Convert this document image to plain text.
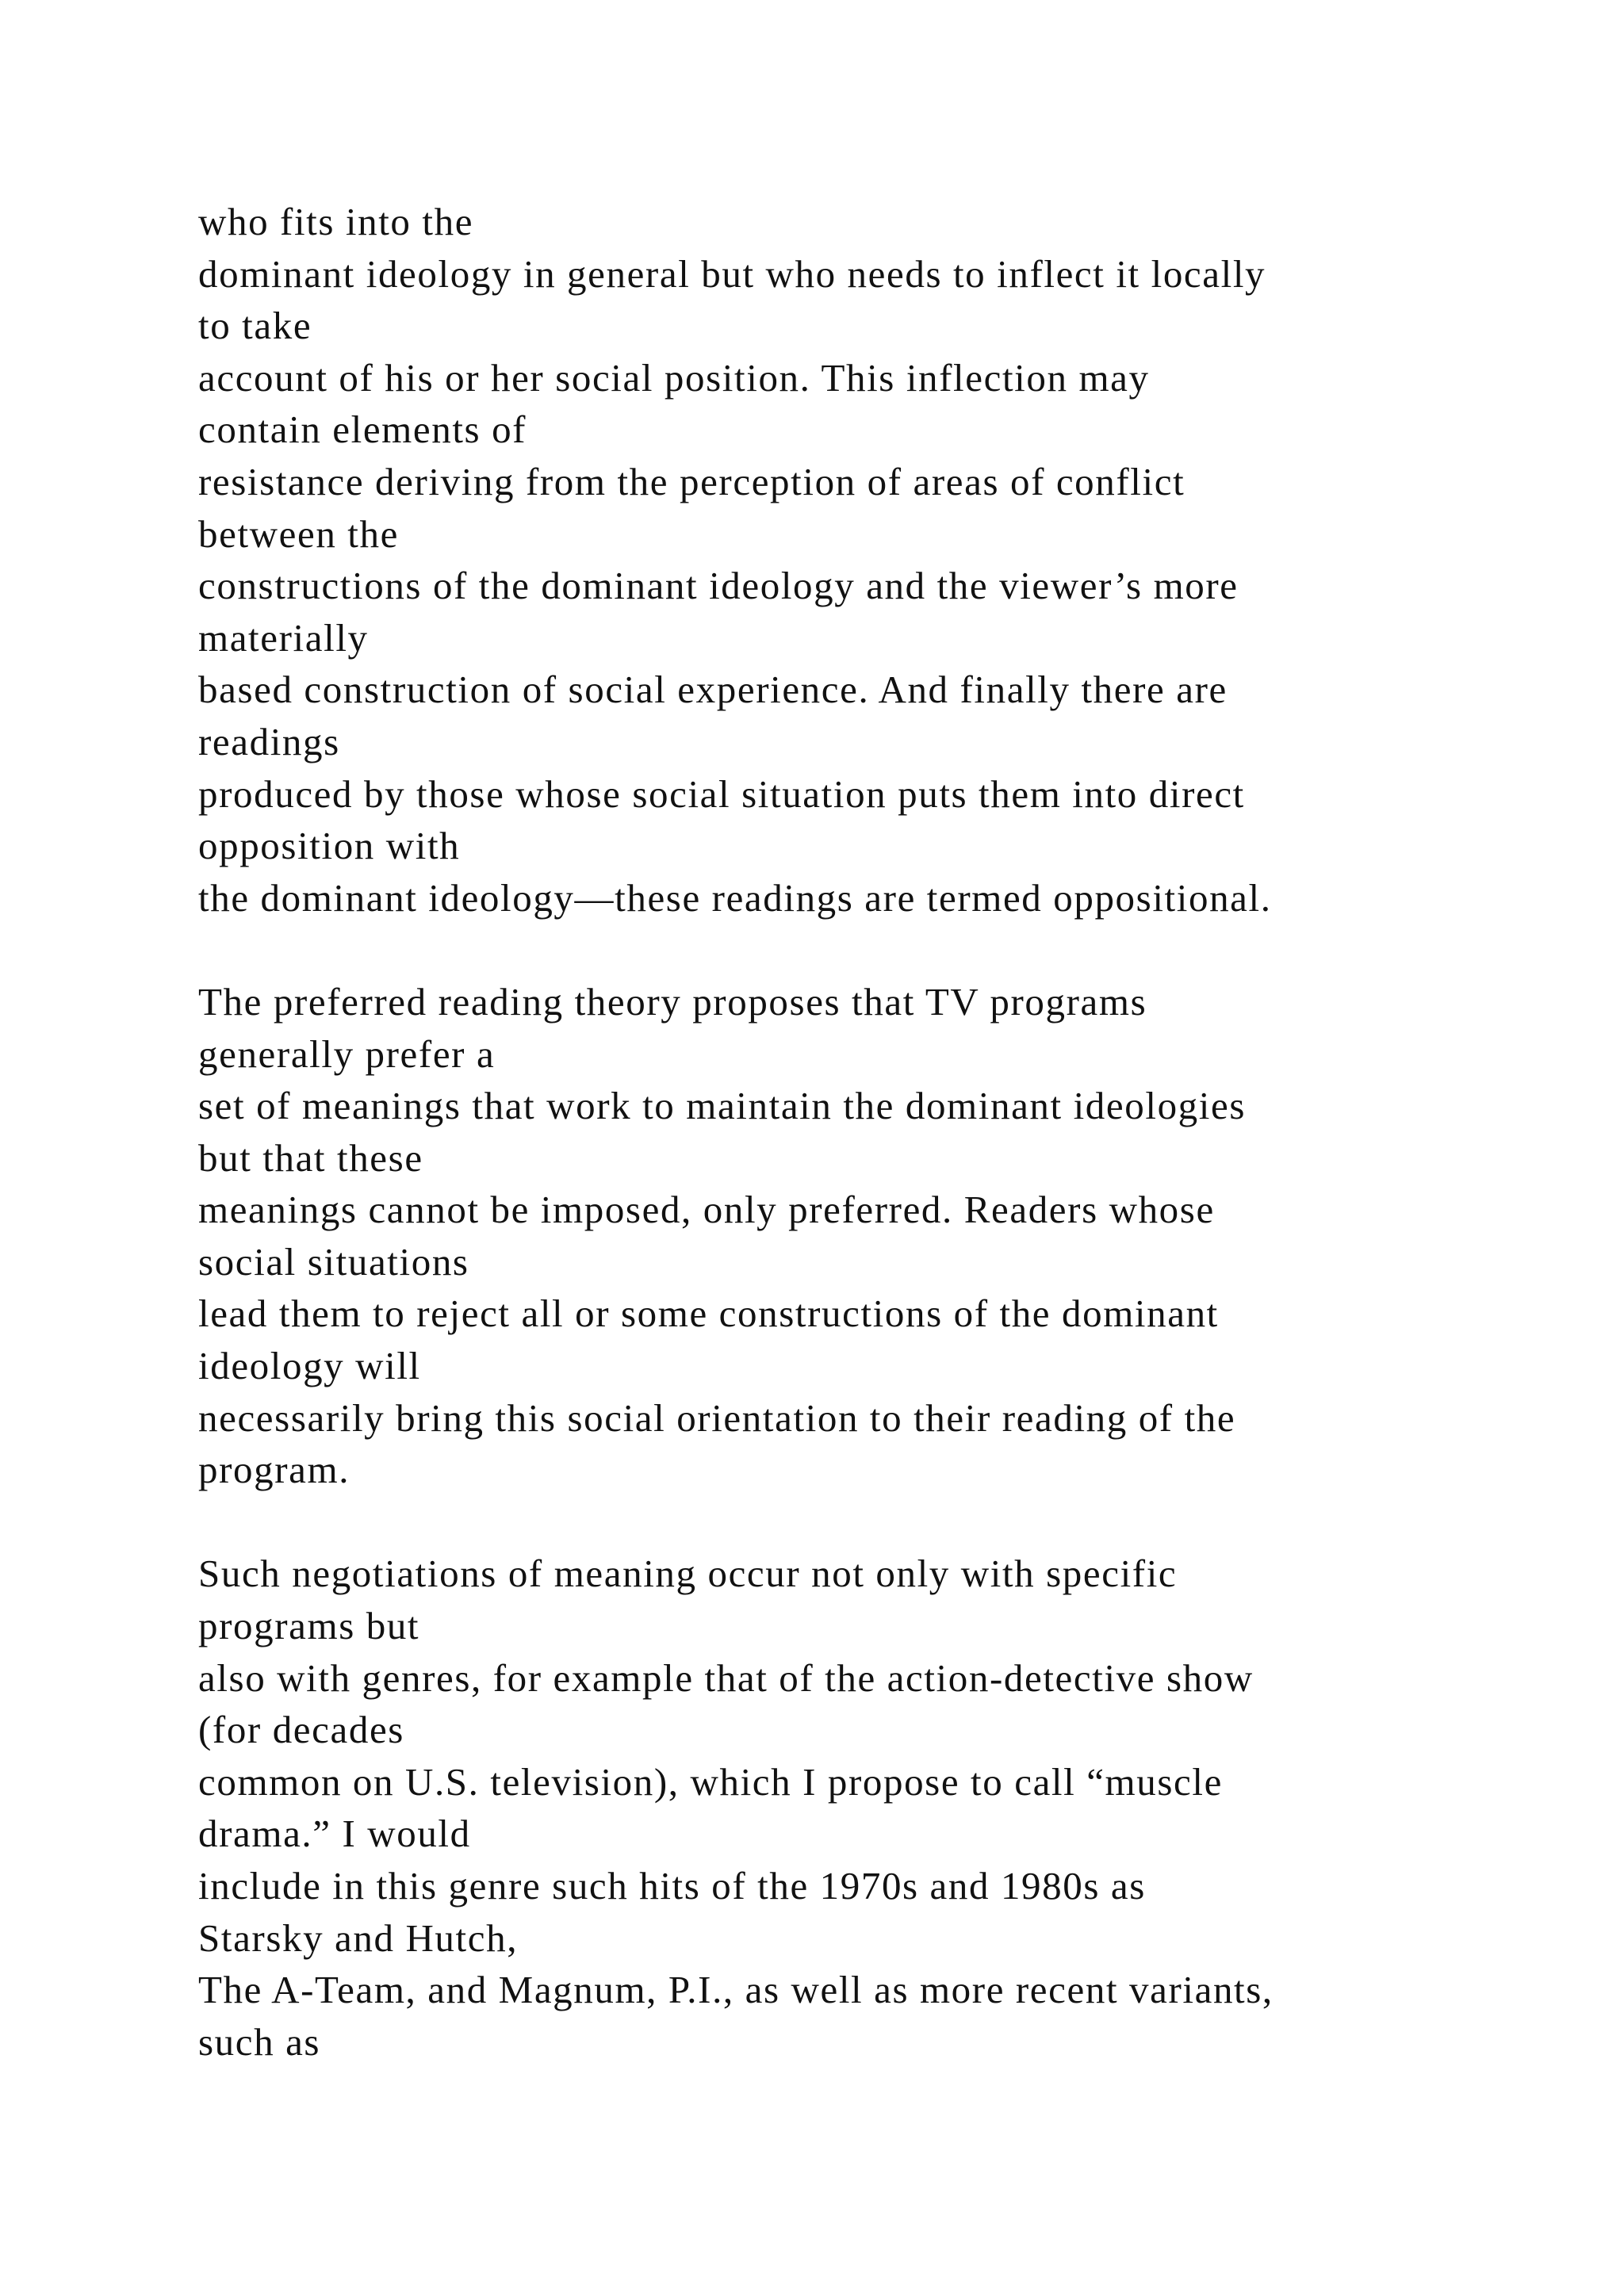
who fits into the
dominant ideology in general but who needs to inflect it locally
to take
account of his or her social position. This inflection may
contain elements of
resistance deriving from the perception of areas of conflict
between the
constructions of the dominant ideology and the viewer’s more
materially
based construction of social experience. And finally there are
readings
produced by those whose social situation puts them into direct
opposition with
the dominant ideology—these readings are termed oppositional.
The preferred reading theory proposes that TV programs
generally prefer a
set of meanings that work to maintain the dominant ideologies
but that these
meanings cannot be imposed, only preferred. Readers whose
social situations
lead them to reject all or some constructions of the dominant
ideology will
necessarily bring this social orientation to their reading of the
program.
Such negotiations of meaning occur not only with specific
programs but
also with genres, for example that of the action-detective show
(for decades
common on U.S. television), which I propose to call “muscle
drama.” I would
include in this genre such hits of the 1970s and 1980s as
Starsky and Hutch,
The A-Team, and Magnum, P.I., as well as more recent variants,
such as
